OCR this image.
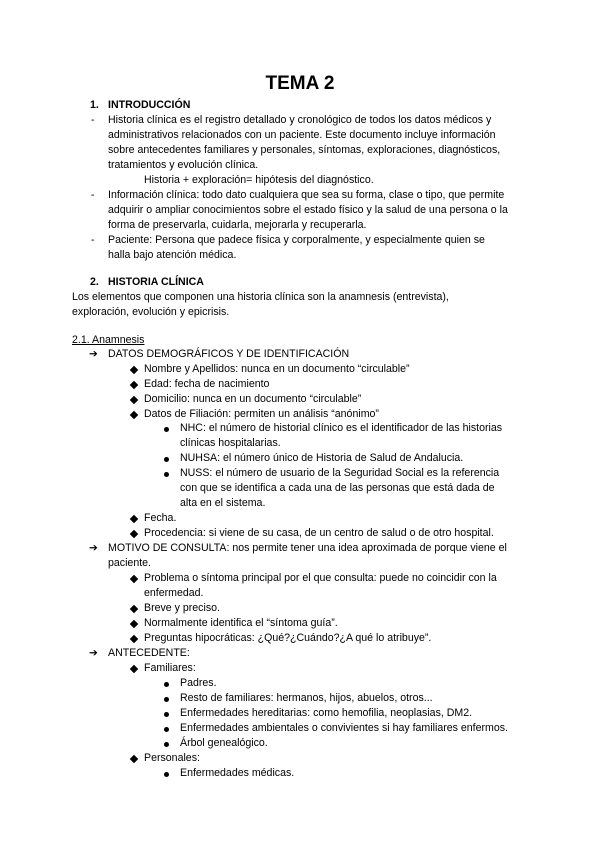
TEMA 2
1. INTRODUCCIÓN
- Historia clínica es el registro detallado y cronológico de todos los datos médicos y
administrativos relacionados con un paciente. Este documento incluye información
sobre antecedentes familiares y personales, síntomas, exploraciones, diagnósticos,
tratamientos y evolución clínica.
Historia + exploración= hipótesis del diagnóstico.
- Información clínica: todo dato cualquiera que sea su forma, clase o tipo, que permite
adquirir o ampliar conocimientos sobre el estado físico y la salud de una persona o la
forma de preservarla, cuidarla, mejorarla y recuperarla.
- Paciente: Persona que padece física y corporalmente, y especialmente quien se
halla bajo atención médica.
2. HISTORIA CLÍNICA
Los elementos que componen una historia clínica son la anamnesis (entrevista),
exploración, evolución y epicrisis.
2.1. Anamnesis
➔ DATOS DEMOGRÁFICOS Y DE IDENTIFICACIÓN
Nombre y Apellidos: nunca en un documento “circulable”
Edad: fecha de nacimiento
Domicilio: nunca en un documento “circulable”
Datos de Filiación: permiten un análisis “anónimo”
NHC: el número de historial clínico es el identificador de las historias
clínicas hospitalarias.
NUHSA: el número único de Historia de Salud de Andalucia.
NUSS: el número de usuario de la Seguridad Social es la referencia
con que se identifica a cada una de las personas que está dada de
alta en el sistema.
Fecha.
Procedencia: si viene de su casa, de un centro de salud o de otro hospital.
➔ MOTIVO DE CONSULTA: nos permite tener una idea aproximada de porque viene el
paciente.
Problema o síntoma principal por el que consulta: puede no coincidir con la
enfermedad.
Breve y preciso.
Normalmente identifica el “síntoma guía”.
Preguntas hipocráticas: ¿Qué?¿Cuándo?¿A qué lo atribuye”.
➔ ANTECEDENTE:
Familiares:
Padres.
Resto de familiares: hermanos, hijos, abuelos, otros...
Enfermedades hereditarias: como hemofilia, neoplasias, DM2.
Enfermedades ambientales o convivientes si hay familiares enfermos.
Árbol genealógico.
Personales:
Enfermedades médicas.
